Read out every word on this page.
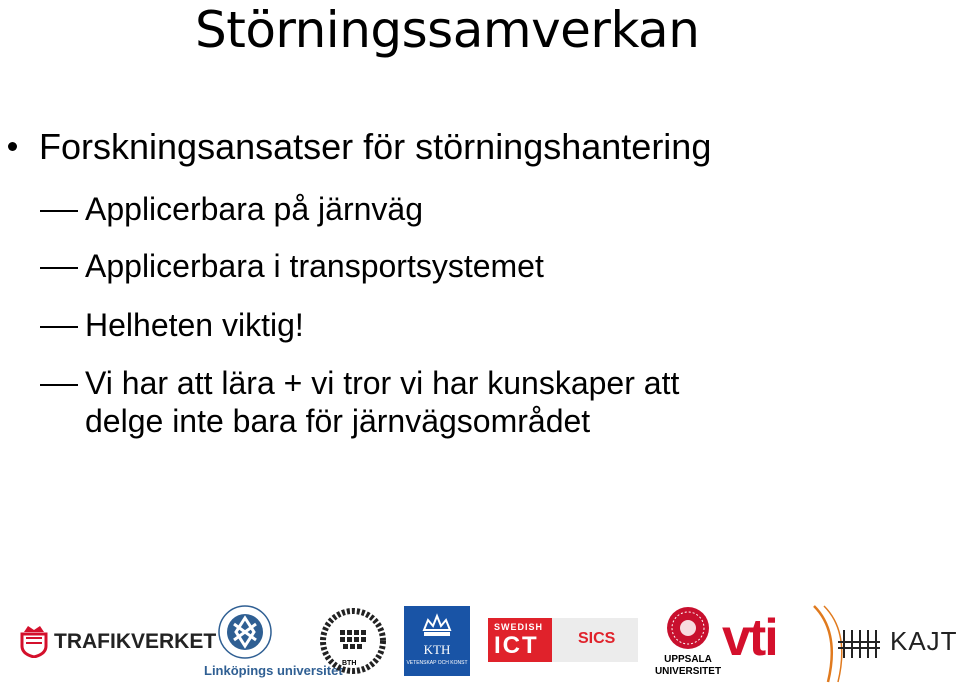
Störningssamverkan
Forskningsansatser för störningshantering
Applicerbara på järnväg
Applicerbara i transportsystemet
Helheten viktig!
Vi har att lära + vi tror vi har kunskaper att
delge inte bara för järnvägsområdet
TRAFIKVERKET
Linköpings universitet BTH
KTH
VETENSKAP OCH KONST
SWEDISH
ICT SICS
UPPSALA
UNIVERSITET
vti	KAJT
